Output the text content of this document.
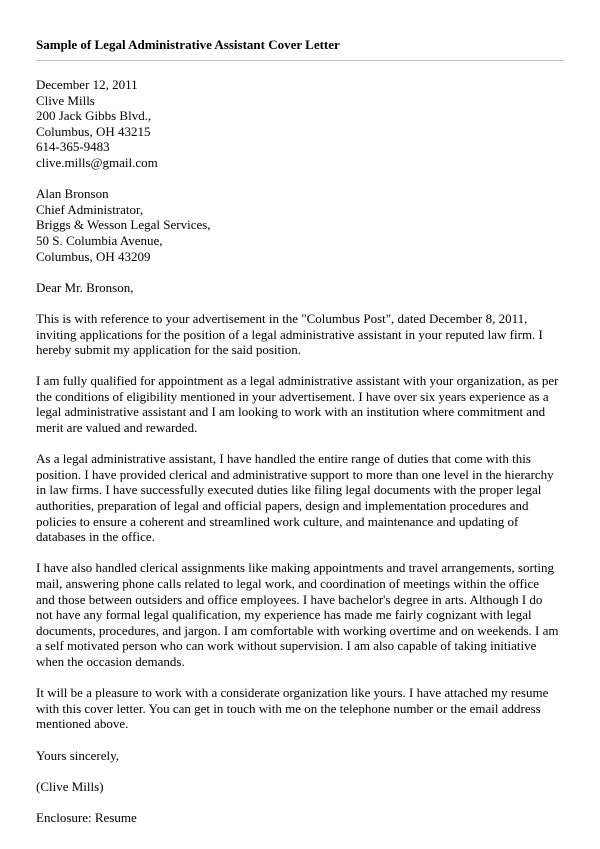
Sample of Legal Administrative Assistant Cover Letter
December 12, 2011
Clive Mills
200 Jack Gibbs Blvd.,
Columbus, OH 43215
614-365-9483
clive.mills@gmail.com
Alan Bronson
Chief Administrator,
Briggs & Wesson Legal Services,
50 S. Columbia Avenue,
Columbus, OH 43209
Dear Mr. Bronson,
This is with reference to your advertisement in the "Columbus Post", dated December 8, 2011,
inviting applications for the position of a legal administrative assistant in your reputed law firm. I
hereby submit my application for the said position.
I am fully qualified for appointment as a legal administrative assistant with your organization, as per
the conditions of eligibility mentioned in your advertisement. I have over six years experience as a
legal administrative assistant and I am looking to work with an institution where commitment and
merit are valued and rewarded.
As a legal administrative assistant, I have handled the entire range of duties that come with this
position. I have provided clerical and administrative support to more than one level in the hierarchy
in law firms. I have successfully executed duties like filing legal documents with the proper legal
authorities, preparation of legal and official papers, design and implementation procedures and
policies to ensure a coherent and streamlined work culture, and maintenance and updating of
databases in the office.
I have also handled clerical assignments like making appointments and travel arrangements, sorting
mail, answering phone calls related to legal work, and coordination of meetings within the office
and those between outsiders and office employees. I have bachelor's degree in arts. Although I do
not have any formal legal qualification, my experience has made me fairly cognizant with legal
documents, procedures, and jargon. I am comfortable with working overtime and on weekends. I am
a self motivated person who can work without supervision. I am also capable of taking initiative
when the occasion demands.
It will be a pleasure to work with a considerate organization like yours. I have attached my resume
with this cover letter. You can get in touch with me on the telephone number or the email address
mentioned above.
Yours sincerely,
(Clive Mills)
Enclosure: Resume
